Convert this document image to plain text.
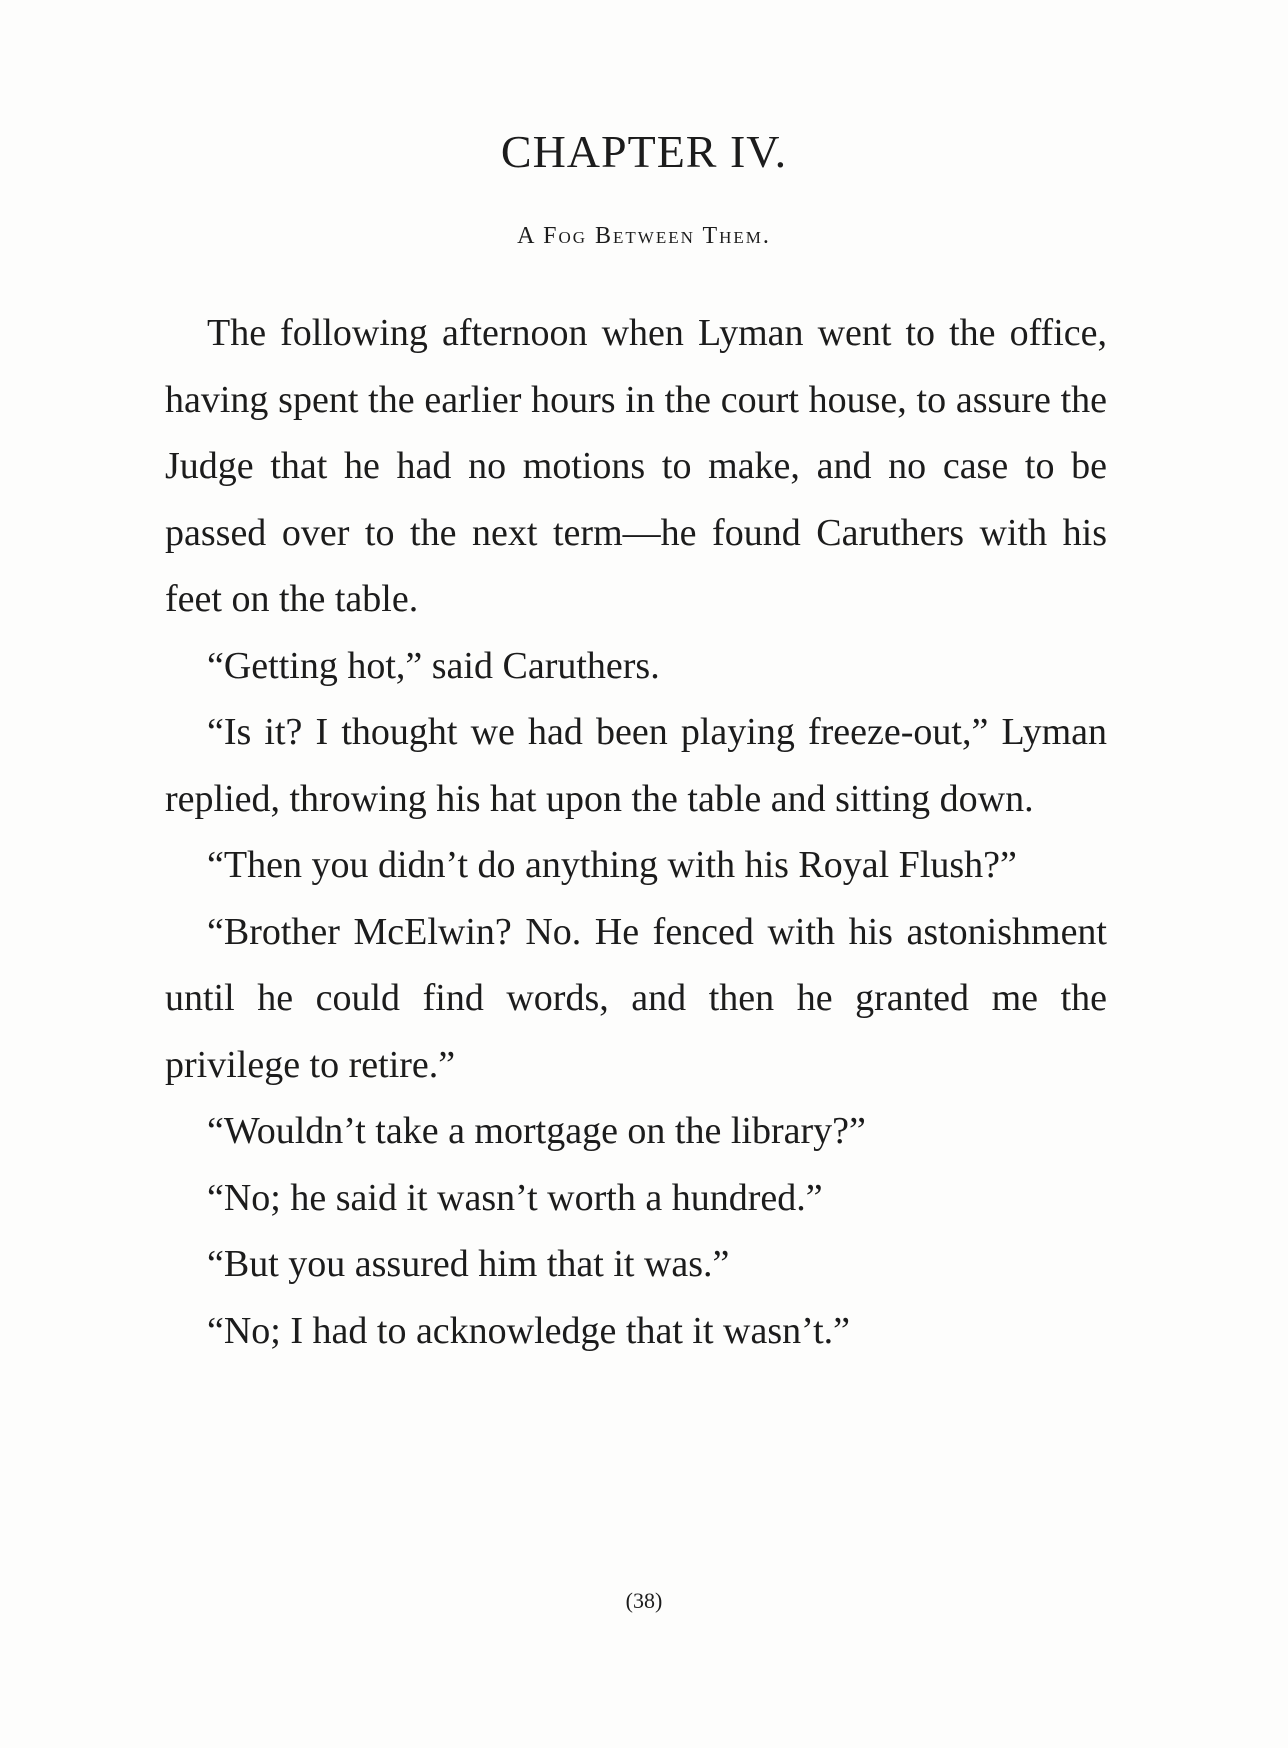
CHAPTER IV.
A Fog Between Them.

The following afternoon when Lyman went to the office, having spent the earlier hours in the court house, to assure the Judge that he had no motions to make, and no case to be passed over to the next term—he found Caruthers with his feet on the table.

“Getting hot,” said Caruthers.

“Is it? I thought we had been playing freeze-out,” Lyman replied, throwing his hat upon the table and sitting down.

“Then you didn’t do anything with his Royal Flush?”

“Brother McElwin? No. He fenced with his astonishment until he could find words, and then he granted me the privilege to retire.”

“Wouldn’t take a mortgage on the library?”

“No; he said it wasn’t worth a hundred.”

“But you assured him that it was.”

“No; I had to acknowledge that it wasn’t.”

(38)
